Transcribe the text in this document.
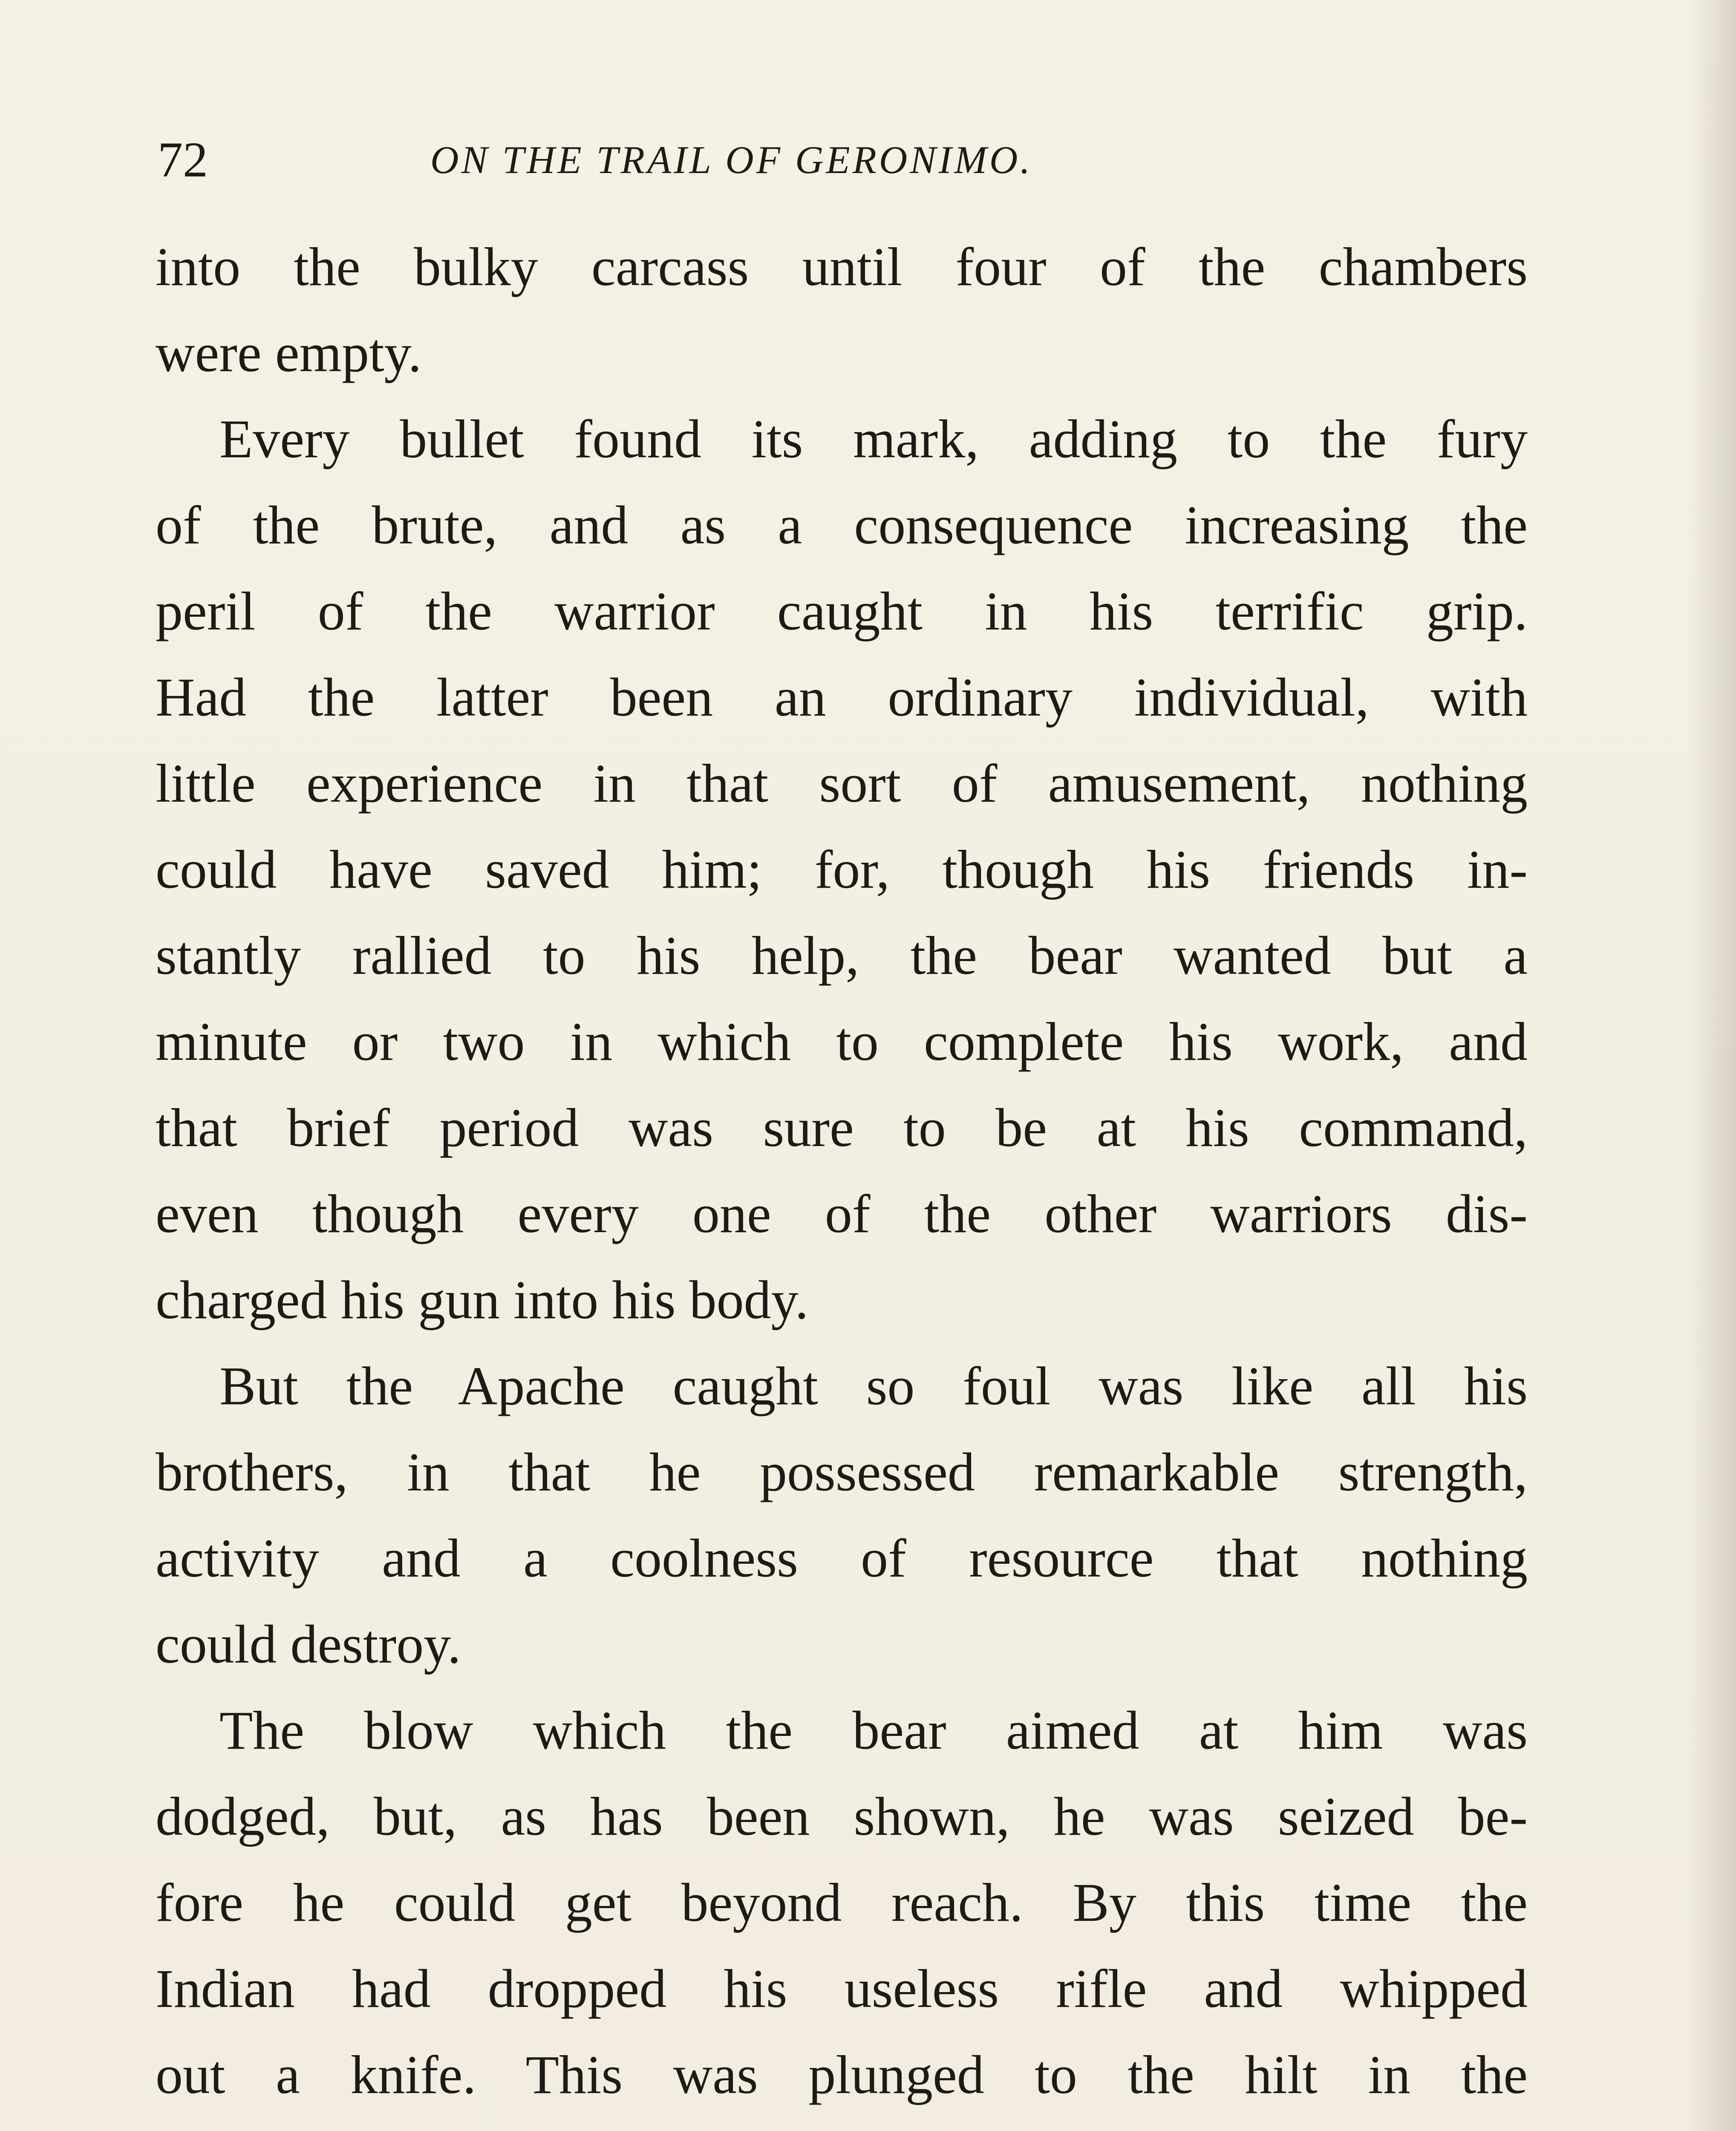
72	ON THE TRAIL OF GERONIMO.
into the bulky carcass until four of the chambers
were empty.
Every bullet found its mark, adding to the fury
of the brute, and as a consequence increasing the
peril of the warrior caught in his terrific grip.
Had the latter been an ordinary individual, with
little experience in that sort of amusement, nothing
could have saved him; for, though his friends in-
stantly rallied to his help, the bear wanted but a
minute or two in which to complete his work, and
that brief period was sure to be at his command,
even though every one of the other warriors dis-
charged his gun into his body.
But the Apache caught so foul was like all his
brothers, in that he possessed remarkable strength,
activity and a coolness of resource that nothing
could destroy.
The blow which the bear aimed at him was
dodged, but, as has been shown, he was seized be-
fore he could get beyond reach. By this time the
Indian had dropped his useless rifle and whipped
out a knife. This was plunged to the hilt in the
